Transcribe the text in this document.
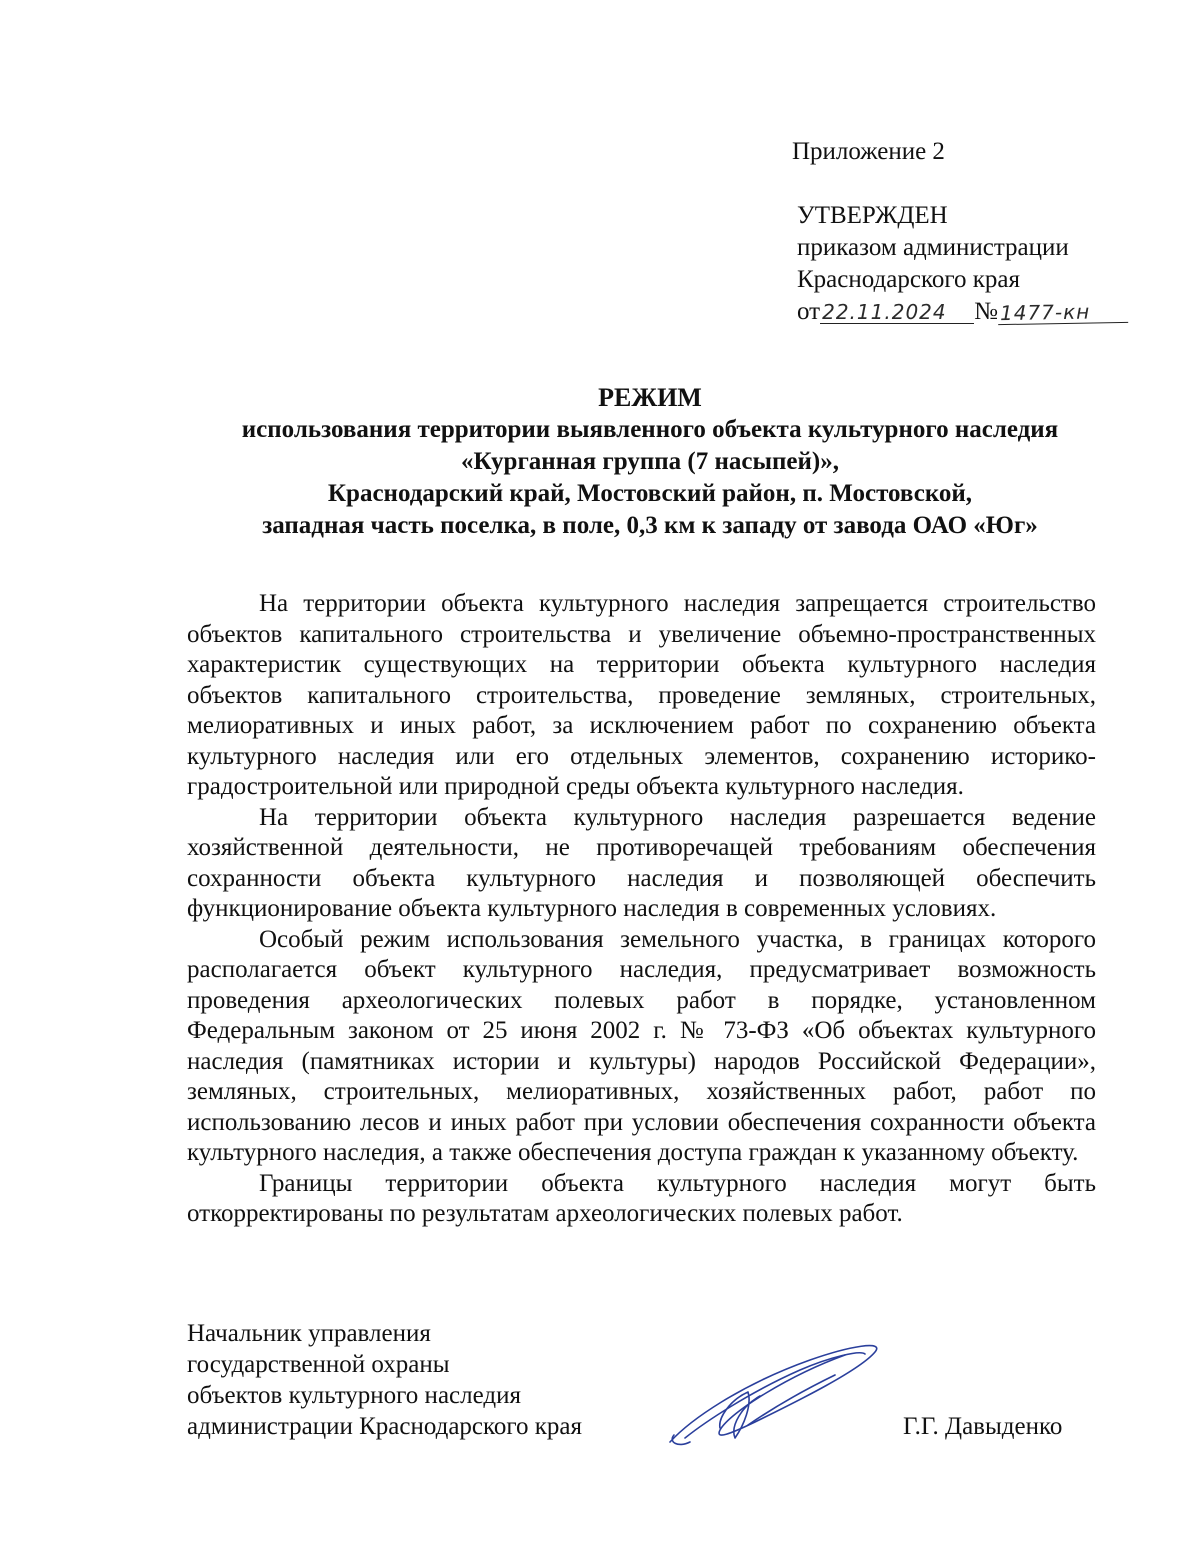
Приложение 2
УТВЕРЖДЕН
приказом администрации
Краснодарского края
от 22.11.2024 №1477-кн
РЕЖИМ
использования территории выявленного объекта культурного наследия
«Курганная группа (7 насыпей)»,
Краснодарский край, Мостовский район, п. Мостовской,
западная часть поселка, в поле, 0,3 км к западу от завода ОАО «Юг»

На территории объекта культурного наследия запрещается строительство объектов капитального строительства и увеличение объемно-пространственных характеристик существующих на территории объекта культурного наследия объектов капитального строительства, проведение земляных, строительных, мелиоративных и иных работ, за исключением работ по сохранению объекта культурного наследия или его отдельных элементов, сохранению историко-градостроительной или природной среды объекта культурного наследия.

На территории объекта культурного наследия разрешается ведение хозяйственной деятельности, не противоречащей требованиям обеспечения сохранности объекта культурного наследия и позволяющей обеспечить функционирование объекта культурного наследия в современных условиях.

Особый режим использования земельного участка, в границах которого располагается объект культурного наследия, предусматривает возможность проведения археологических полевых работ в порядке, установленном Федеральным законом от 25 июня 2002 г. № 73-ФЗ «Об объектах культурного наследия (памятниках истории и культуры) народов Российской Федерации», земляных, строительных, мелиоративных, хозяйственных работ, работ по использованию лесов и иных работ при условии обеспечения сохранности объекта культурного наследия, а также обеспечения доступа граждан к указанному объекту.

Границы территории объекта культурного наследия могут быть откорректированы по результатам археологических полевых работ.

Начальник управления
государственной охраны
объектов культурного наследия
администрации Краснодарского края	Г.Г. Давыденко
